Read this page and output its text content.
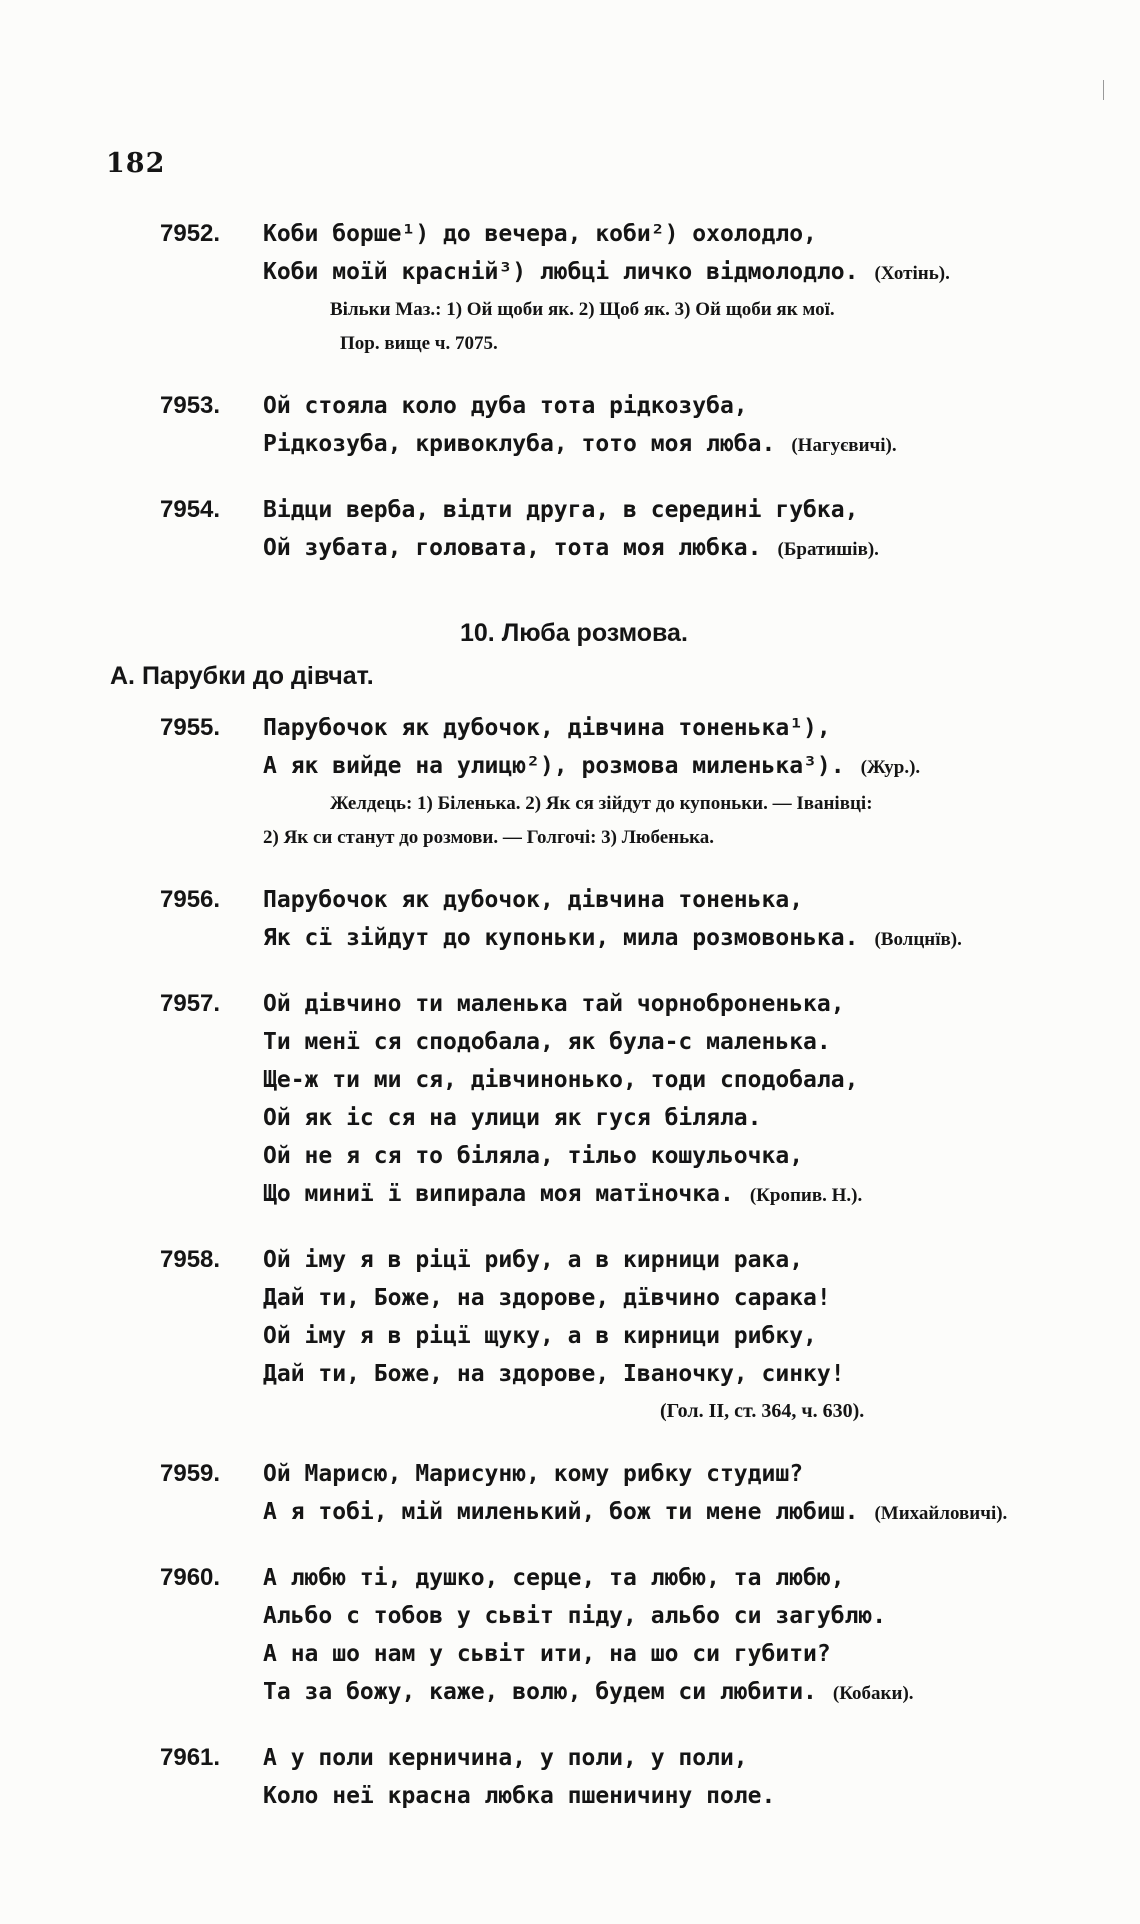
182
7952. Коби борше¹) до вечера, коби²) охолодло,
Коби моїй красній³) любці личко відмолодло. (Хотінь).
Вільки Маз.: 1) Ой щоби як. 2) Щоб як. 3) Ой щоби як мої.
Пор. вище ч. 7075.
7953. Ой стояла коло дуба тота рідкозуба,
Рідкозуба, кривоклуба, тото моя люба. (Нагуєвичі).
7954. Відци верба, відти друга, в середині губка,
Ой зубата, головата, тота моя любка. (Братишів).
10. Люба розмова.
А. Парубки до дівчат.
7955. Парубочок як дубочок, дівчина тоненька¹),
А як вийде на улицю²), розмова миленька³). (Жур.).
Желдець: 1) Біленька. 2) Як ся зійдут до купоньки. — Іванівці:
2) Як си станут до розмови. — Голгочі: 3) Любенька.
7956. Парубочок як дубочок, дівчина тоненька,
Як сї зійдут до купоньки, мила розмовонька. (Волцнїв).
7957. Ой дівчино ти маленька тай чорноброненька,
Ти менї ся сподобала, як була-с маленька.
Ще-ж ти ми ся, дівчинонько, тоди сподобала,
Ой як іс ся на улици як гуся біляла.
Ой не я ся то біляла, тільо кошульочка,
Що миниї ї випирала моя матїночка. (Кропив. Н.).
7958. Ой іму я в ріцї рибу, а в кирници рака,
Дай ти, Боже, на здорове, дївчино сарака!
Ой іму я в ріцї щуку, а в кирници рибку,
Дай ти, Боже, на здорове, Іваночку, синку!
(Гол. II, ст. 364, ч. 630).
7959. Ой Марисю, Марисуню, кому рибку студиш?
А я тобі, мій миленький, бож ти мене любиш. (Михайловичі).
7960. А любю ті, душко, серце, та любю, та любю,
Альбо с тобов у сьвіт піду, альбо си загублю.
А на шо нам у сьвіт ити, на шо си губити?
Та за божу, каже, волю, будем си любити. (Кобаки).
7961. А у поли керничина, у поли, у поли,
Коло неї красна любка пшеничину поле.
